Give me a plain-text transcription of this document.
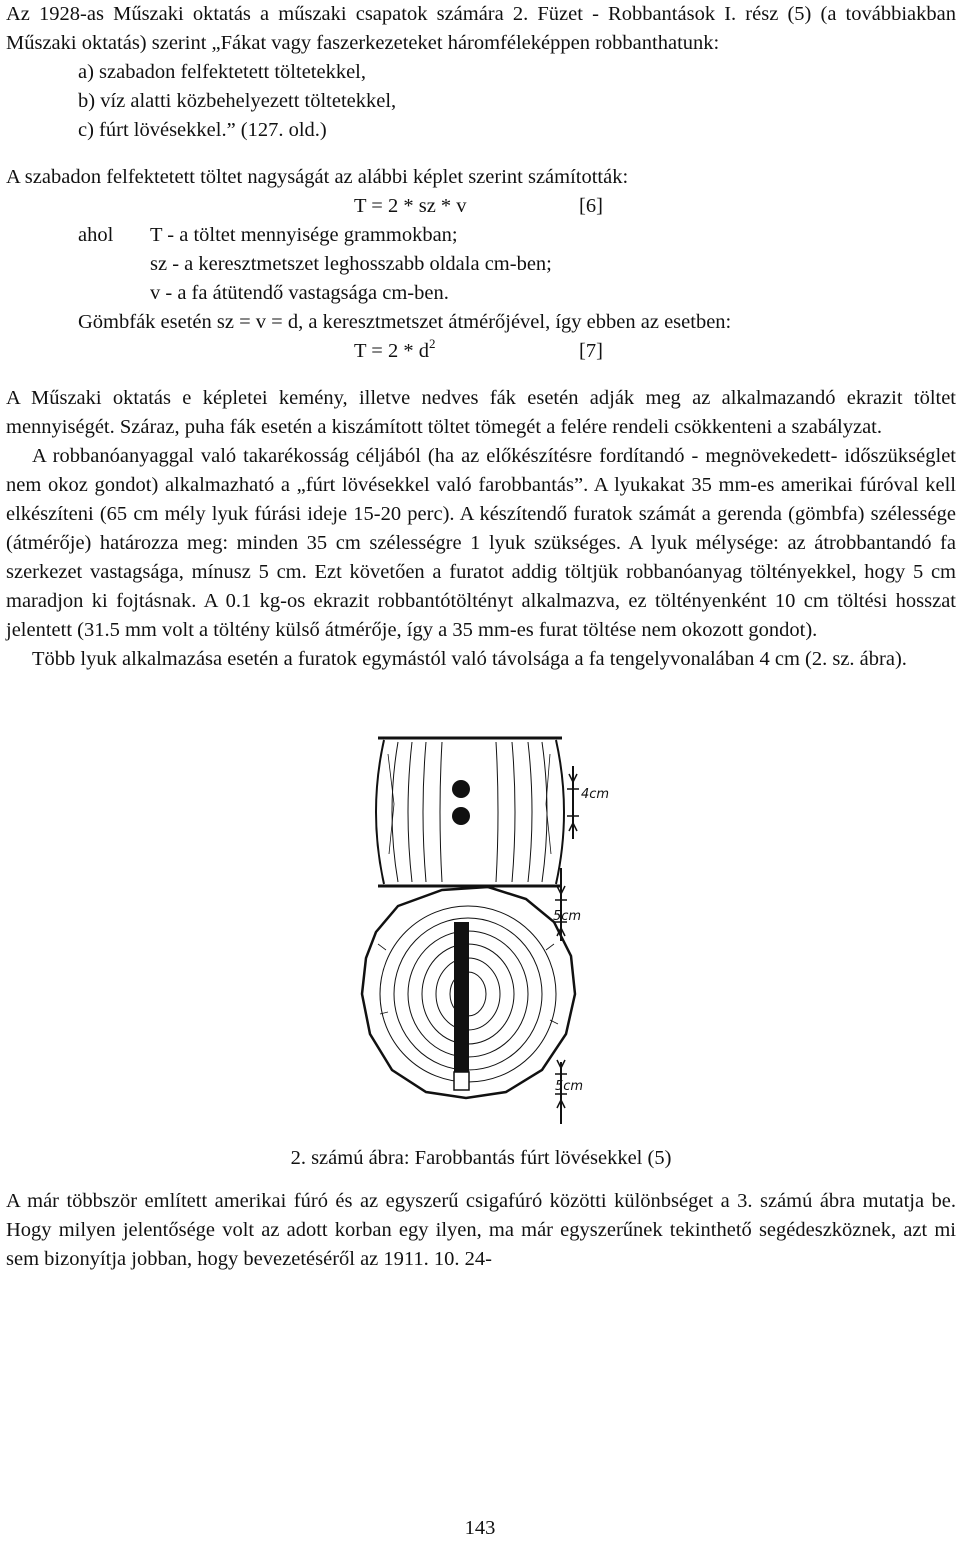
Az 1928-as Műszaki oktatás a műszaki csapatok számára 2. Füzet - Robbantások I. rész (5) (a továbbiakban Műszaki oktatás) szerint „Fákat vagy faszerkezeteket háromféleképpen robbanthatunk:

a) szabadon felfektetett töltetekkel,

b) víz alatti közbehelyezett töltetekkel,

c) fúrt lövésekkel.” (127. old.)

A szabadon felfektetett töltet nagyságát az alábbi képlet szerint számították:

T = 2 * sz * v	[6]
ahol	T - a töltet mennyisége grammokban;

sz - a keresztmetszet leghosszabb oldala cm-ben;

v - a fa átütendő vastagsága cm-ben.

Gömbfák esetén sz = v = d, a keresztmetszet átmérőjével, így ebben az esetben:

$T = 2 * d^2$	[7]

A Műszaki oktatás e képletei kemény, illetve nedves fák esetén adják meg az alkalmazandó ekrazit töltet mennyiségét. Száraz, puha fák esetén a kiszámított töltet tömegét a felére rendeli csökkenteni a szabályzat.

A robbanóanyaggal való takarékosság céljából (ha az előkészítésre fordítandó - megnövekedett- időszükséglet nem okoz gondot) alkalmazható a „fúrt lövésekkel való farobbantás”. A lyukakat 35 mm-es amerikai fúróval kell elkészíteni (65 cm mély lyuk fúrási ideje 15-20 perc). A készítendő furatok számát a gerenda (gömbfa) szélessége (átmérője) határozza meg: minden 35 cm szélességre 1 lyuk szükséges. A lyuk mélysége: az átrobbantandó fa szerkezet vastagsága, mínusz 5 cm. Ezt követően a furatot addig töltjük robbanóanyag töltényekkel, hogy 5 cm maradjon ki fojtásnak. A 0.1 kg-os ekrazit robbantótöltényt alkalmazva, ez töltényenként 10 cm töltési hosszat jelentett (31.5 mm volt a töltény külső átmérője, így a 35 mm-es furat töltése nem okozott gondot).

Több lyuk alkalmazása esetén a furatok egymástól való távolsága a fa tengelyvonalában 4 cm (2. sz. ábra).

4cm
5cm
5cm

2. számú ábra: Farobbantás fúrt lövésekkel (5)

A már többször említett amerikai fúró és az egyszerű csigafúró közötti különbséget a 3. számú ábra mutatja be. Hogy milyen jelentősége volt az adott korban egy ilyen, ma már egyszerűnek tekinthető segédeszköznek, azt mi sem bizonyítja jobban, hogy bevezetéséről az 1911. 10. 24-

143
